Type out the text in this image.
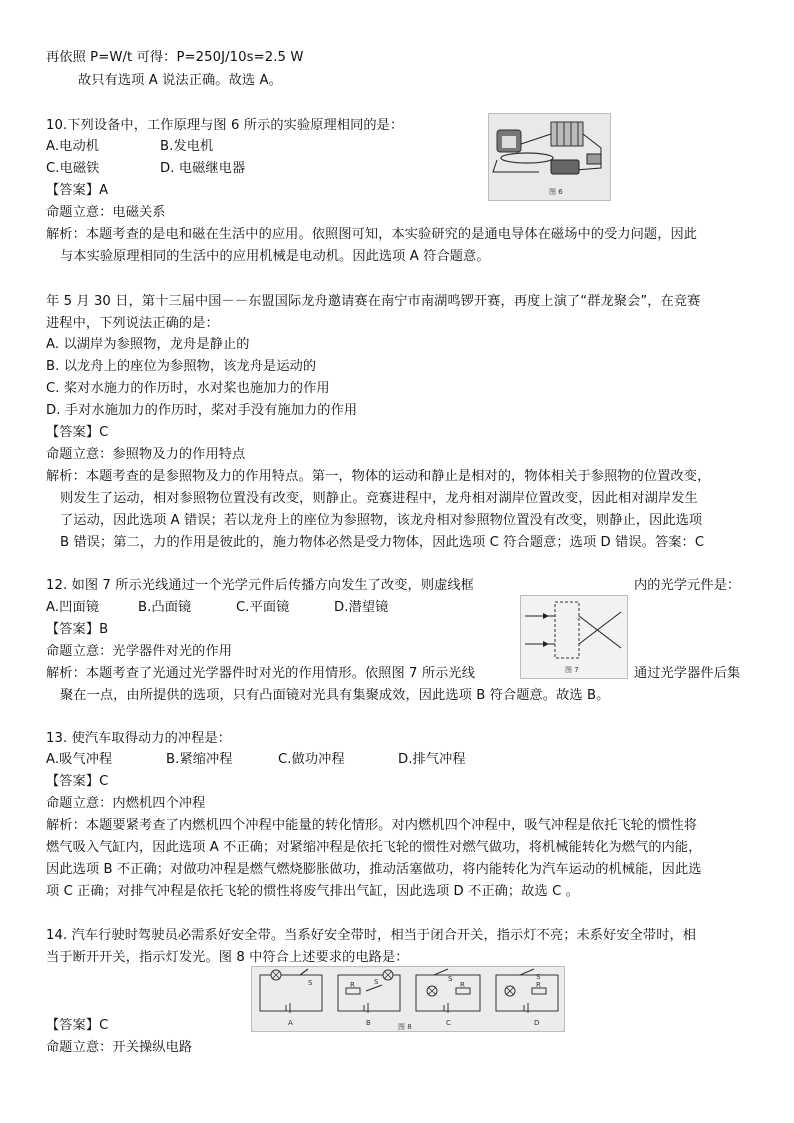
再依照 P=W/t 可得：P=250J/10s=2.5 W
故只有选项 A 说法正确。故选 A。
10.下列设备中，工作原理与图 6 所示的实验原理相同的是：
A.电动机	B.发电机
C.电磁铁	D. 电磁继电器
【答案】A
命题立意：电磁关系
解析：本题考查的是电和磁在生活中的应用。依照图可知，本实验研究的是通电导体在磁场中的受力问题，因此
与本实验原理相同的生活中的应用机械是电动机。因此选项 A 符合题意。
图 6
年 5 月 30 日，第十三届中国－－东盟国际龙舟邀请赛在南宁市南湖鸣锣开赛，再度上演了“群龙聚会”，在竞赛
进程中，下列说法正确的是：
A. 以湖岸为参照物，龙舟是静止的
B. 以龙舟上的座位为参照物，该龙舟是运动的
C. 桨对水施力的作历时，水对桨也施加力的作用
D. 手对水施加力的作历时，桨对手没有施加力的作用
【答案】C
命题立意：参照物及力的作用特点
解析：本题考查的是参照物及力的作用特点。第一，物体的运动和静止是相对的，物体相关于参照物的位置改变，
则发生了运动，相对参照物位置没有改变，则静止。竞赛进程中，龙舟相对湖岸位置改变，因此相对湖岸发生
了运动，因此选项 A 错误；若以龙舟上的座位为参照物，该龙舟相对参照物位置没有改变，则静止，因此选项
B 错误；第二，力的作用是彼此的，施力物体必然是受力物体，因此选项 C 符合题意；选项 D 错误。答案：C
12. 如图 7 所示光线通过一个光学元件后传播方向发生了改变，则虚线框	内的光学元件是：
A.凹面镜	B.凸面镜	C.平面镜	D.潜望镜
【答案】B
命题立意：光学器件对光的作用
解析：本题考查了光通过光学器件时对光的作用情形。依照图 7 所示光线	通过光学器件后集
聚在一点，由所提供的选项，只有凸面镜对光具有集聚成效，因此选项 B 符合题意。故选 B。
图 7
13. 使汽车取得动力的冲程是：
A.吸气冲程	B.紧缩冲程	C.做功冲程	D.排气冲程
【答案】C
命题立意：内燃机四个冲程
解析：本题要紧考查了内燃机四个冲程中能量的转化情形。对内燃机四个冲程中，吸气冲程是依托飞轮的惯性将
燃气吸入气缸内，因此选项 A 不正确；对紧缩冲程是依托飞轮的惯性对燃气做功，将机械能转化为燃气的内能，
因此选项 B 不正确；对做功冲程是燃气燃烧膨胀做功，推动活塞做功，将内能转化为汽车运动的机械能，因此选
项 C 正确；对排气冲程是依托飞轮的惯性将废气排出气缸，因此选项 D 不正确；故选 C 。
14. 汽车行驶时驾驶员必需系好安全带。当系好安全带时，相当于闭合开关，指示灯不亮；未系好安全带时，相
当于断开开关，指示灯发光。图 8 中符合上述要求的电路是：
【答案】C
命题立意：开关操纵电路
S
A
R	S
B
S
R
C
S
R
D
图 8
